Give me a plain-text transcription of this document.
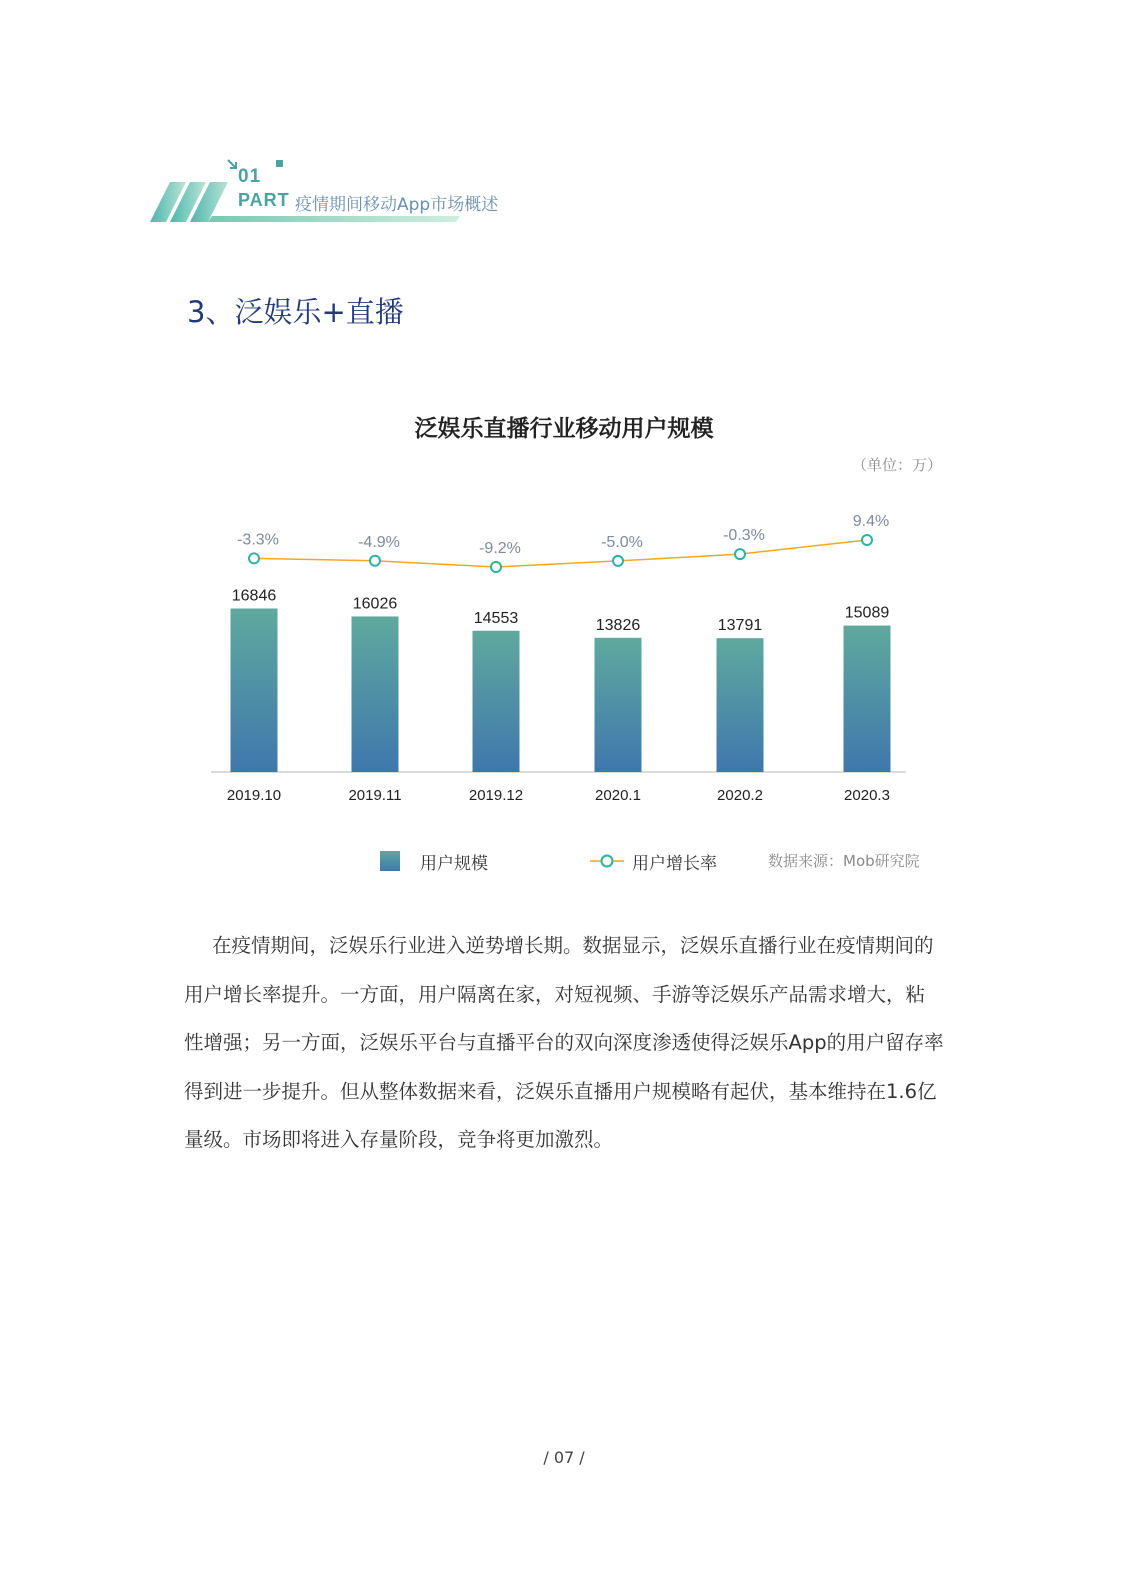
01
PART 疫情期间移动App市场概述
3、泛娱乐+直播
泛娱乐直播行业移动用户规模
（单位：万）
16846	16026
14553	13826	13791
15089
2019.10	2019.11	2019.12	2020.1	2020.2	2020.3
-3.3%	-4.9%	-9.2%	-5.0%	-0.3%
9.4%
用户规模	用户增长率	数据来源：Mob研究院

在疫情期间，泛娱乐行业进入逆势增长期。数据显示，泛娱乐直播行业在疫情期间的用户增长率提升。一方面，用户隔离在家，对短视频、手游等泛娱乐产品需求增大，粘性增强；另一方面，泛娱乐平台与直播平台的双向深度渗透使得泛娱乐App的用户留存率得到进一步提升。但从整体数据来看，泛娱乐直播用户规模略有起伏，基本维持在1.6亿量级。市场即将进入存量阶段，竞争将更加激烈。

/ 07 /
